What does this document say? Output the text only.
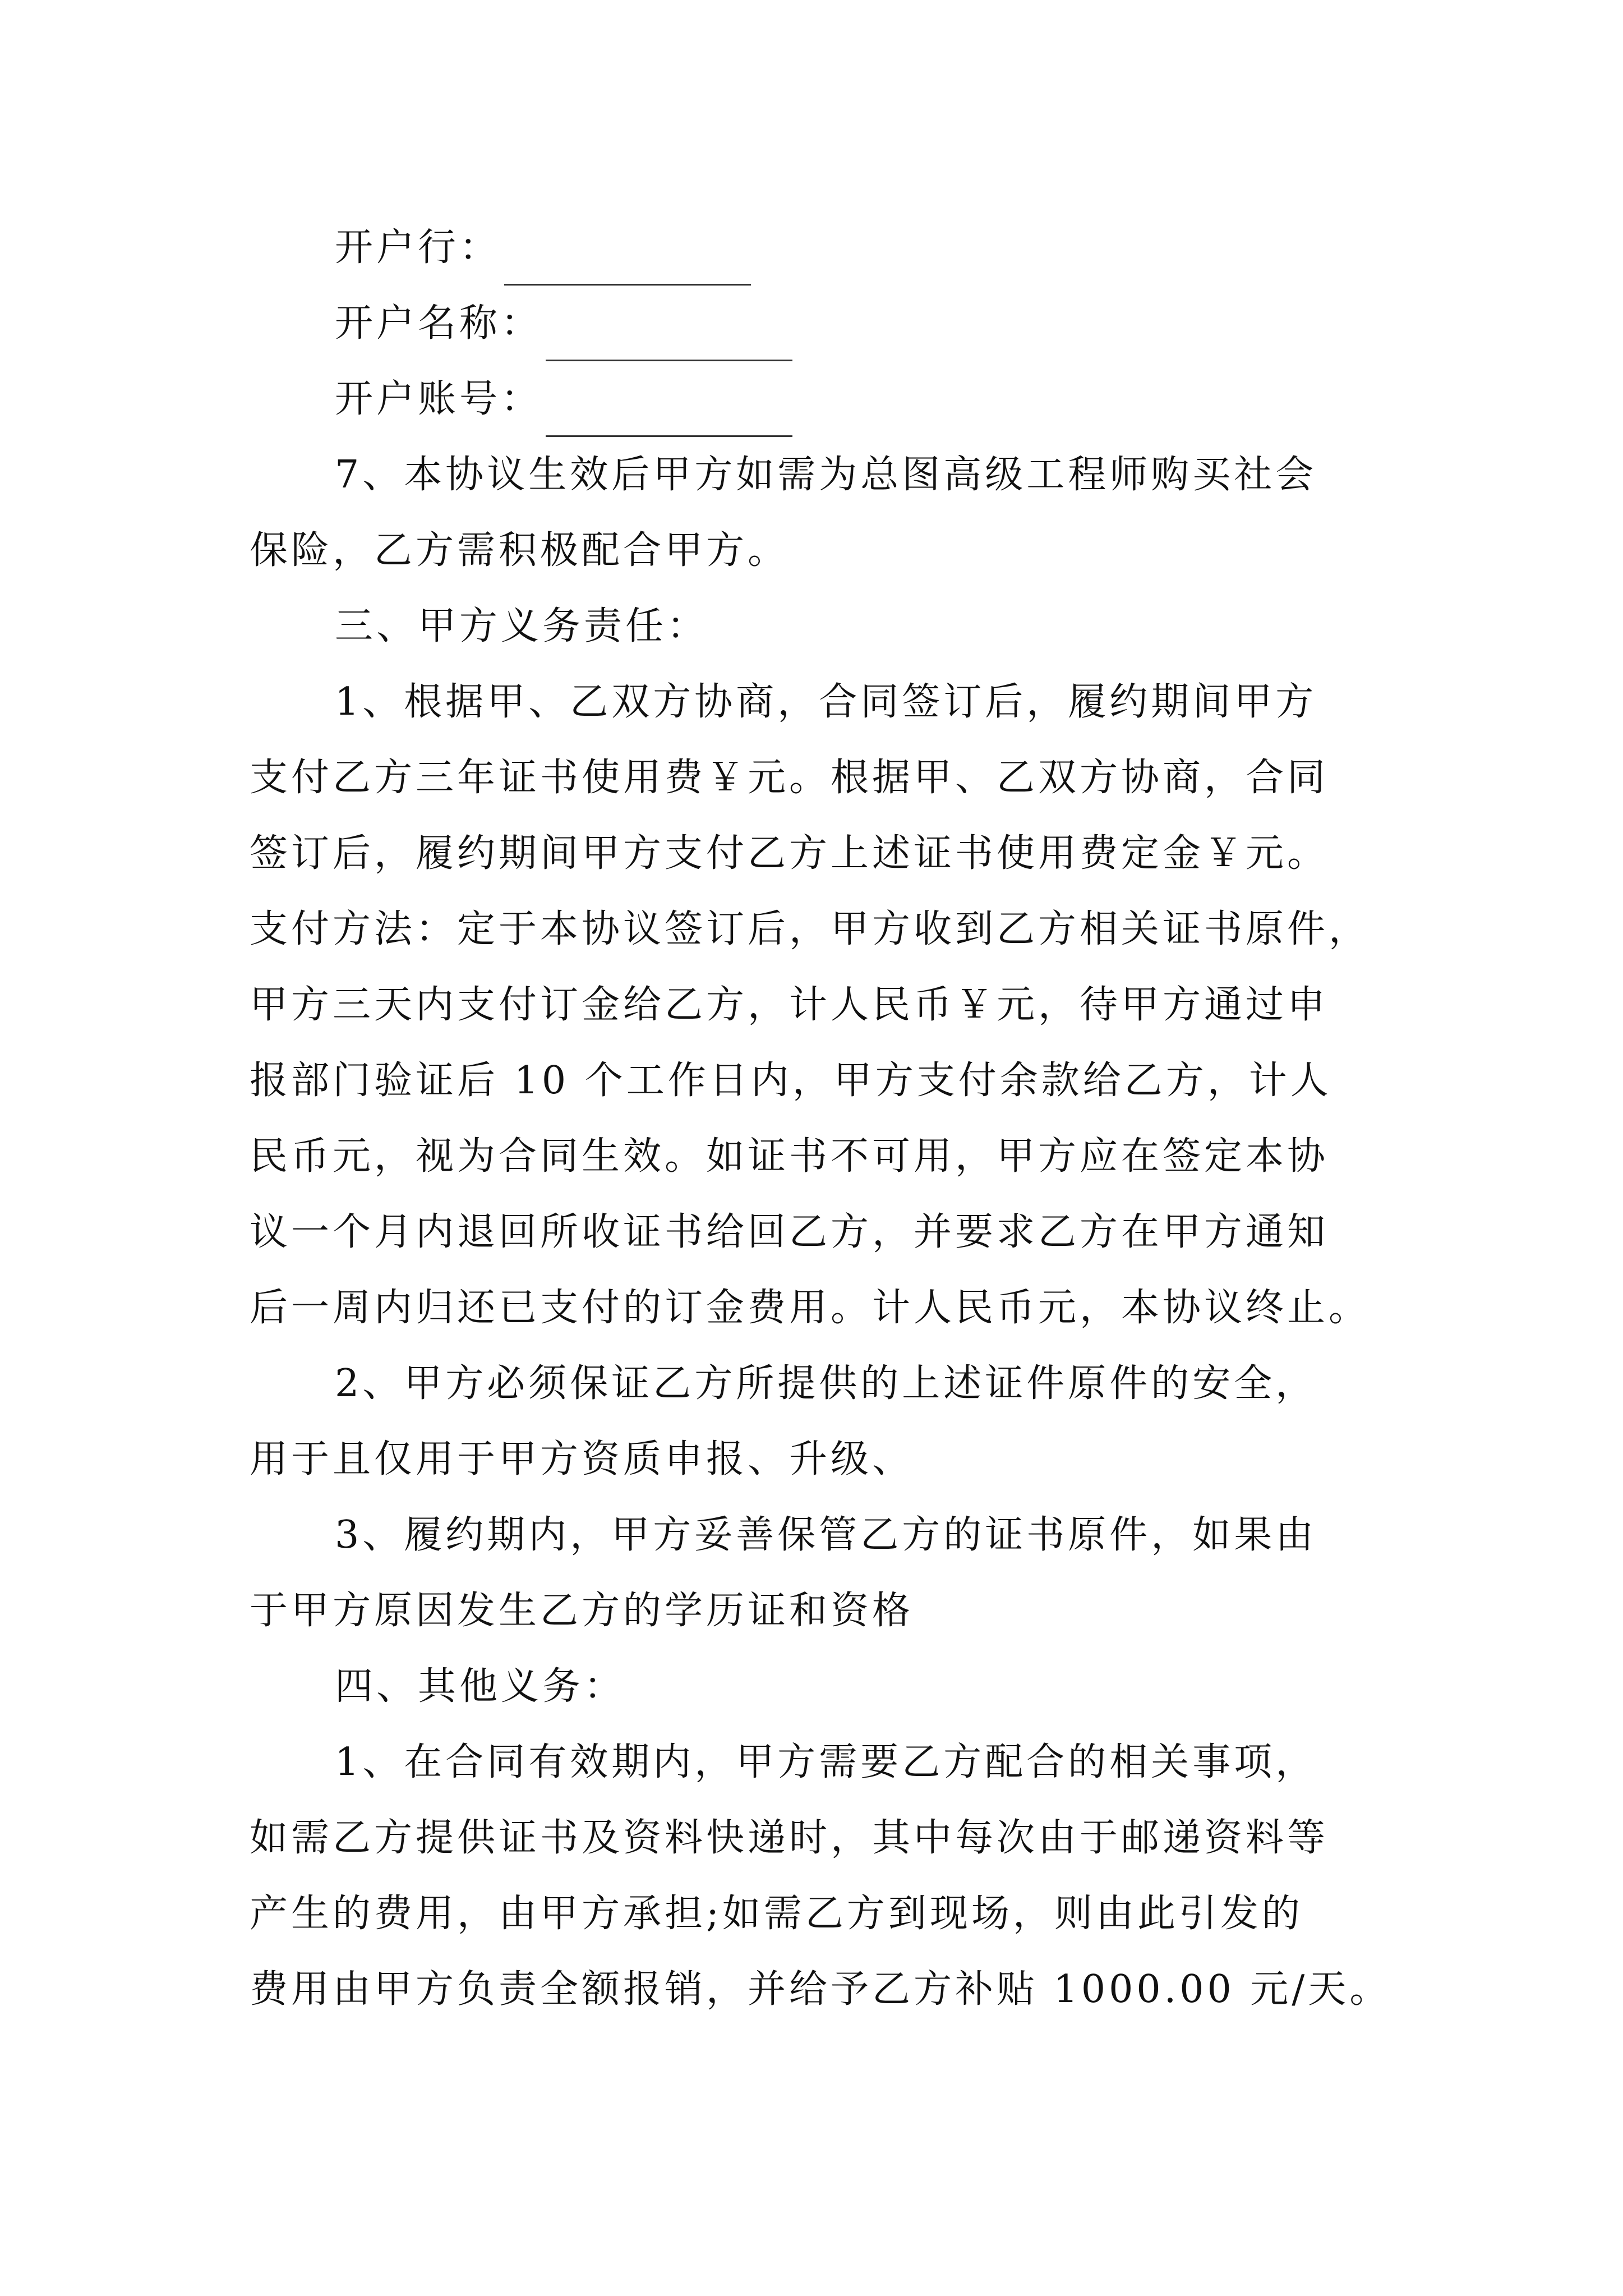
开户行：
开户名称：
开户账号：
7、本协议生效后甲方如需为总图高级工程师购买社会
保险，乙方需积极配合甲方。
三、甲方义务责任：
1、根据甲、乙双方协商，合同签订后，履约期间甲方
支付乙方三年证书使用费￥元。根据甲、乙双方协商，合同
签订后，履约期间甲方支付乙方上述证书使用费定金￥元。
支付方法：定于本协议签订后，甲方收到乙方相关证书原件，
甲方三天内支付订金给乙方，计人民币￥元，待甲方通过申
报部门验证后 10 个工作日内，甲方支付余款给乙方，计人
民币元，视为合同生效。如证书不可用，甲方应在签定本协
议一个月内退回所收证书给回乙方，并要求乙方在甲方通知
后一周内归还已支付的订金费用。计人民币元，本协议终止。
2、甲方必须保证乙方所提供的上述证件原件的安全，
用于且仅用于甲方资质申报、升级、
3、履约期内，甲方妥善保管乙方的证书原件，如果由
于甲方原因发生乙方的学历证和资格
四、其他义务：
1、在合同有效期内，甲方需要乙方配合的相关事项，
如需乙方提供证书及资料快递时，其中每次由于邮递资料等
产生的费用，由甲方承担;如需乙方到现场，则由此引发的
费用由甲方负责全额报销，并给予乙方补贴 1000.00 元/天。
